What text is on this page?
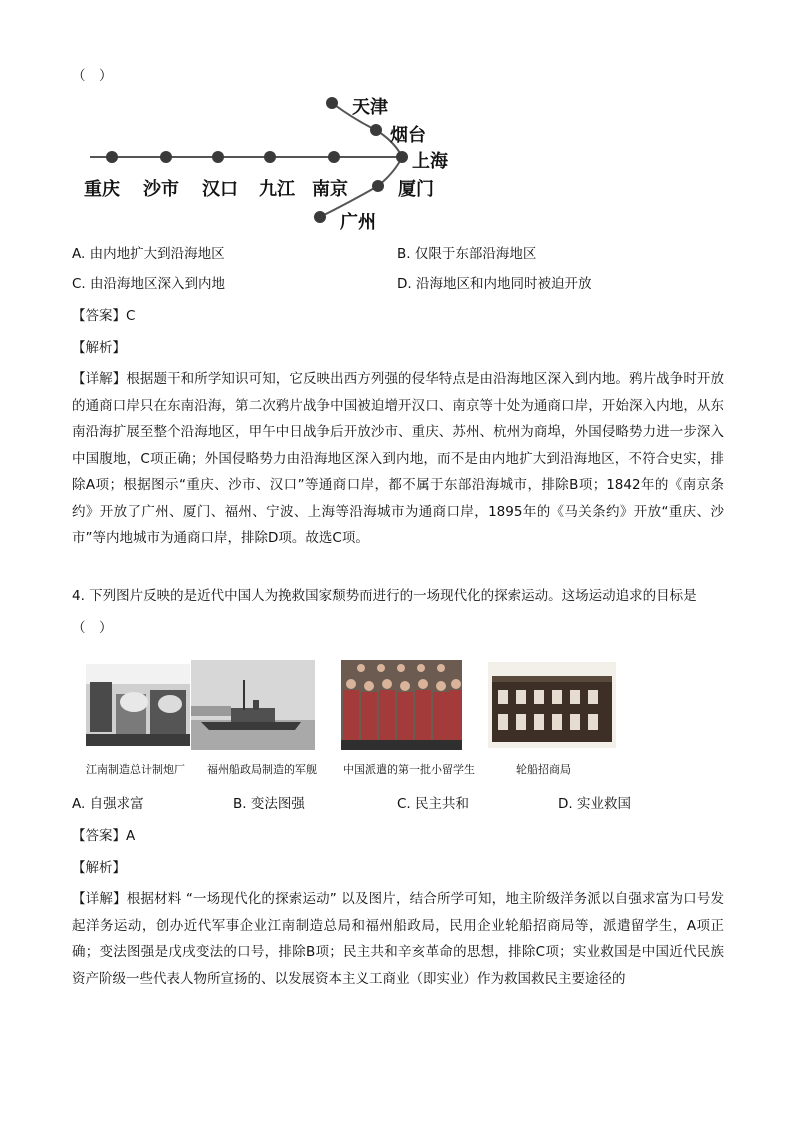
（　）
天津
烟台
上海
厦门
广州
重庆 沙市 汉口 九江 南京
A. 由内地扩大到沿海地区	B. 仅限于东部沿海地区
C. 由沿海地区深入到内地	D. 沿海地区和内地同时被迫开放
【答案】C
【解析】
【详解】根据题干和所学知识可知，它反映出西方列强的侵华特点是由沿海地区深入到内地。鸦片战争时开放的通商口岸只在东南沿海，第二次鸦片战争中国被迫增开汉口、南京等十处为通商口岸，开始深入内地，从东南沿海扩展至整个沿海地区，甲午中日战争后开放沙市、重庆、苏州、杭州为商埠，外国侵略势力进一步深入中国腹地，C项正确；外国侵略势力由沿海地区深入到内地，而不是由内地扩大到沿海地区，不符合史实，排除A项；根据图示“重庆、沙市、汉口”等通商口岸，都不属于东部沿海城市，排除B项；1842年的《南京条约》开放了广州、厦门、福州、宁波、上海等沿海城市为通商口岸，1895年的《马关条约》开放“重庆、沙市”等内地城市为通商口岸，排除D项。故选C项。
4. 下列图片反映的是近代中国人为挽救国家颓势而进行的一场现代化的探索运动。这场运动追求的目标是
（　）
江南制造总计制炮厂 福州船政局制造的军舰 中国派遣的第一批小留学生	轮船招商局
A. 自强求富	B. 变法图强	C. 民主共和	D. 实业救国
【答案】A
【解析】
【详解】根据材料 “一场现代化的探索运动” 以及图片，结合所学可知，地主阶级洋务派以自强求富为口号发起洋务运动，创办近代军事企业江南制造总局和福州船政局，民用企业轮船招商局等，派遣留学生，A项正确；变法图强是戊戌变法的口号，排除B项；民主共和辛亥革命的思想，排除C项；实业救国是中国近代民族资产阶级一些代表人物所宣扬的、以发展资本主义工商业（即实业）作为救国救民主要途径的
